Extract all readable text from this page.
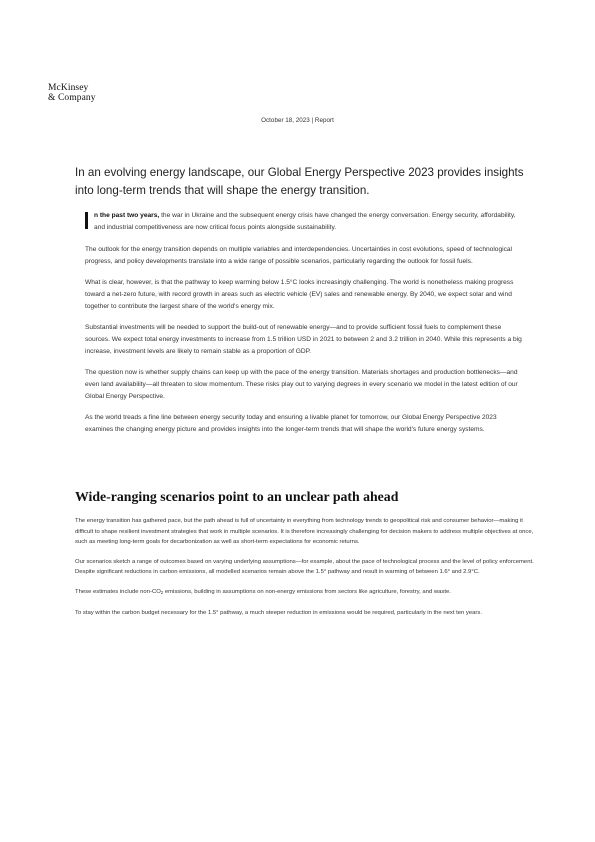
McKinsey
& Company
October 18, 2023 | Report

In an evolving energy landscape, our Global Energy Perspective 2023 provides insights into long-term trends that will shape the energy transition.

n the past two years, the war in Ukraine and the subsequent energy crisis have changed the energy conversation. Energy security, affordability, and industrial competitiveness are now critical focus points alongside sustainability.

The outlook for the energy transition depends on multiple variables and interdependencies. Uncertainties in cost evolutions, speed of technological progress, and policy developments translate into a wide range of possible scenarios, particularly regarding the outlook for fossil fuels.

What is clear, however, is that the pathway to keep warming below 1.5°C looks increasingly challenging. The world is nonetheless making progress toward a net-zero future, with record growth in areas such as electric vehicle (EV) sales and renewable energy. By 2040, we expect solar and wind together to contribute the largest share of the world's energy mix.

Substantial investments will be needed to support the build-out of renewable energy—and to provide sufficient fossil fuels to complement these sources. We expect total energy investments to increase from 1.5 trillion USD in 2021 to between 2 and 3.2 trillion in 2040. While this represents a big increase, investment levels are likely to remain stable as a proportion of GDP.

The question now is whether supply chains can keep up with the pace of the energy transition. Materials shortages and production bottlenecks—and even land availability—all threaten to slow momentum. These risks play out to varying degrees in every scenario we model in the latest edition of our Global Energy Perspective.

As the world treads a fine line between energy security today and ensuring a livable planet for tomorrow, our Global Energy Perspective 2023 examines the changing energy picture and provides insights into the longer-term trends that will shape the world's future energy systems.

Wide-ranging scenarios point to an unclear path ahead

The energy transition has gathered pace, but the path ahead is full of uncertainty in everything from technology trends to geopolitical risk and consumer behavior—making it difficult to shape resilient investment strategies that work in multiple scenarios. It is therefore increasingly challenging for decision makers to address multiple objectives at once, such as meeting long-term goals for decarbonization as well as short-term expectations for economic returns.

Our scenarios sketch a range of outcomes based on varying underlying assumptions—for example, about the pace of technological process and the level of policy enforcement. Despite significant reductions in carbon emissions, all modelled scenarios remain above the 1.5° pathway and result in warming of between 1.6° and 2.9°C.

These estimates include non-$CO_2$ emissions, building in assumptions on non-energy emissions from sectors like agriculture, forestry, and waste.

To stay within the carbon budget necessary for the 1.5° pathway, a much steeper reduction in emissions would be required, particularly in the next ten years.
